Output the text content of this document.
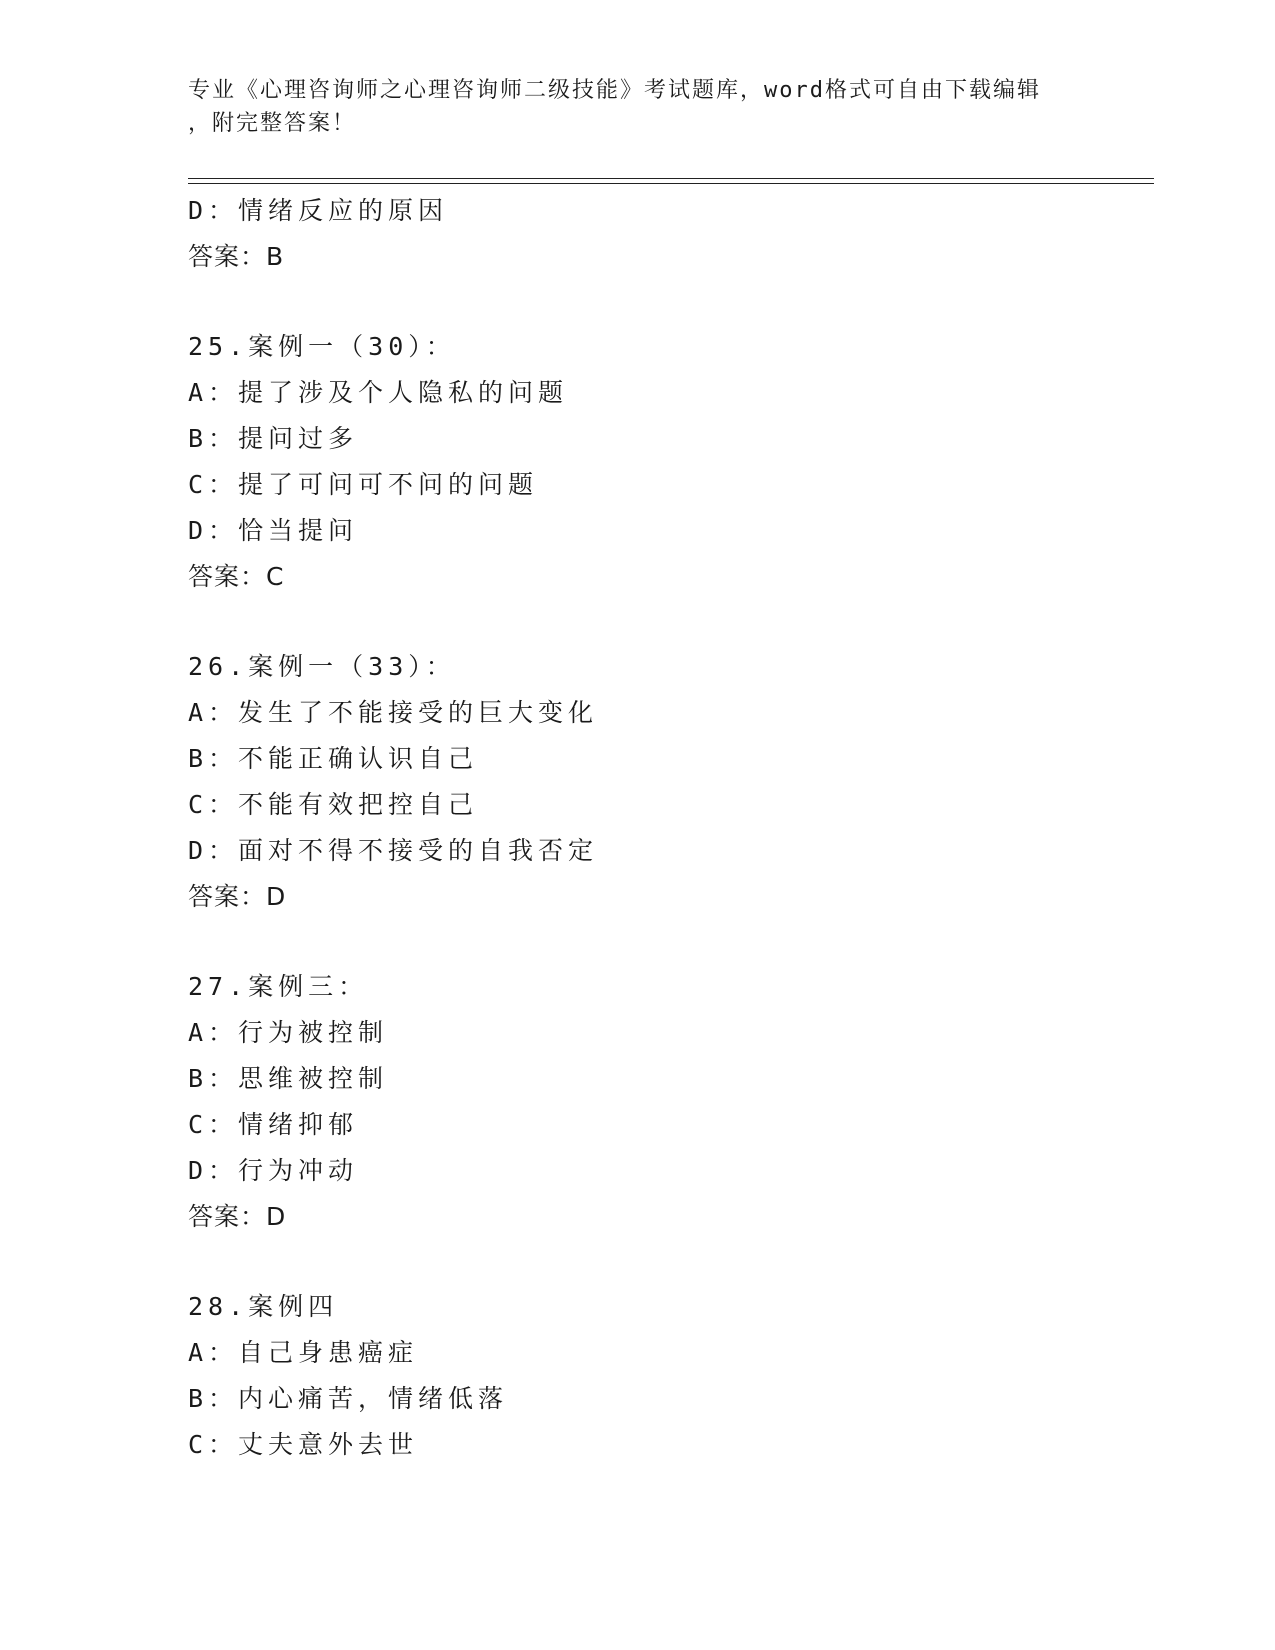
专业《心理咨询师之心理咨询师二级技能》考试题库，word格式可自由下载编辑
，附完整答案！
D：情绪反应的原因
答案：B
25.案例一（30）：
A：提了涉及个人隐私的问题
B：提问过多
C：提了可问可不问的问题
D：恰当提问
答案：C
26.案例一（33）：
A：发生了不能接受的巨大变化
B：不能正确认识自己
C：不能有效把控自己
D：面对不得不接受的自我否定
答案：D
27.案例三：
A：行为被控制
B：思维被控制
C：情绪抑郁
D：行为冲动
答案：D
28.案例四
A：自己身患癌症
B：内心痛苦，情绪低落
C：丈夫意外去世
